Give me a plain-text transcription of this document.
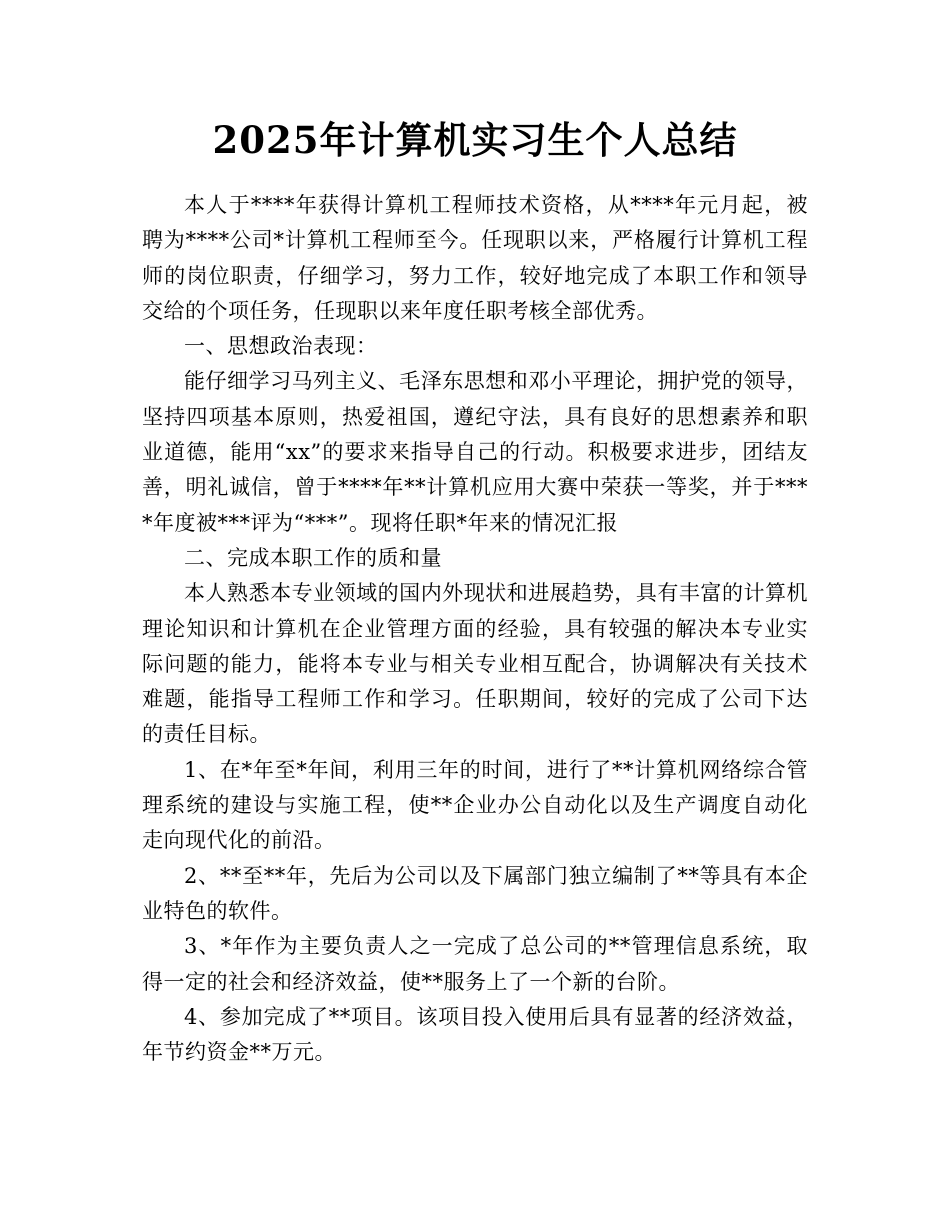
2025年计算机实习生个人总结

本人于****年获得计算机工程师技术资格，从****年元月起，被聘为****公司*计算机工程师至今。任现职以来，严格履行计算机工程师的岗位职责，仔细学习，努力工作，较好地完成了本职工作和领导交给的个项任务，任现职以来年度任职考核全部优秀。

一、思想政治表现：

能仔细学习马列主义、毛泽东思想和邓小平理论，拥护党的领导，坚持四项基本原则，热爱祖国，遵纪守法，具有良好的思想素养和职业道德，能用“xx”的要求来指导自己的行动。积极要求进步，团结友善，明礼诚信，曾于****年**计算机应用大赛中荣获一等奖，并于****年度被***评为“***”。现将任职*年来的情况汇报

二、完成本职工作的质和量

本人熟悉本专业领域的国内外现状和进展趋势，具有丰富的计算机理论知识和计算机在企业管理方面的经验，具有较强的解决本专业实际问题的能力，能将本专业与相关专业相互配合，协调解决有关技术难题，能指导工程师工作和学习。任职期间，较好的完成了公司下达的责任目标。

1、在*年至*年间，利用三年的时间，进行了**计算机网络综合管理系统的建设与实施工程，使**企业办公自动化以及生产调度自动化走向现代化的前沿。

2、**至**年，先后为公司以及下属部门独立编制了**等具有本企业特色的软件。

3、*年作为主要负责人之一完成了总公司的**管理信息系统，取得一定的社会和经济效益，使**服务上了一个新的台阶。

4、参加完成了**项目。该项目投入使用后具有显著的经济效益，年节约资金**万元。
